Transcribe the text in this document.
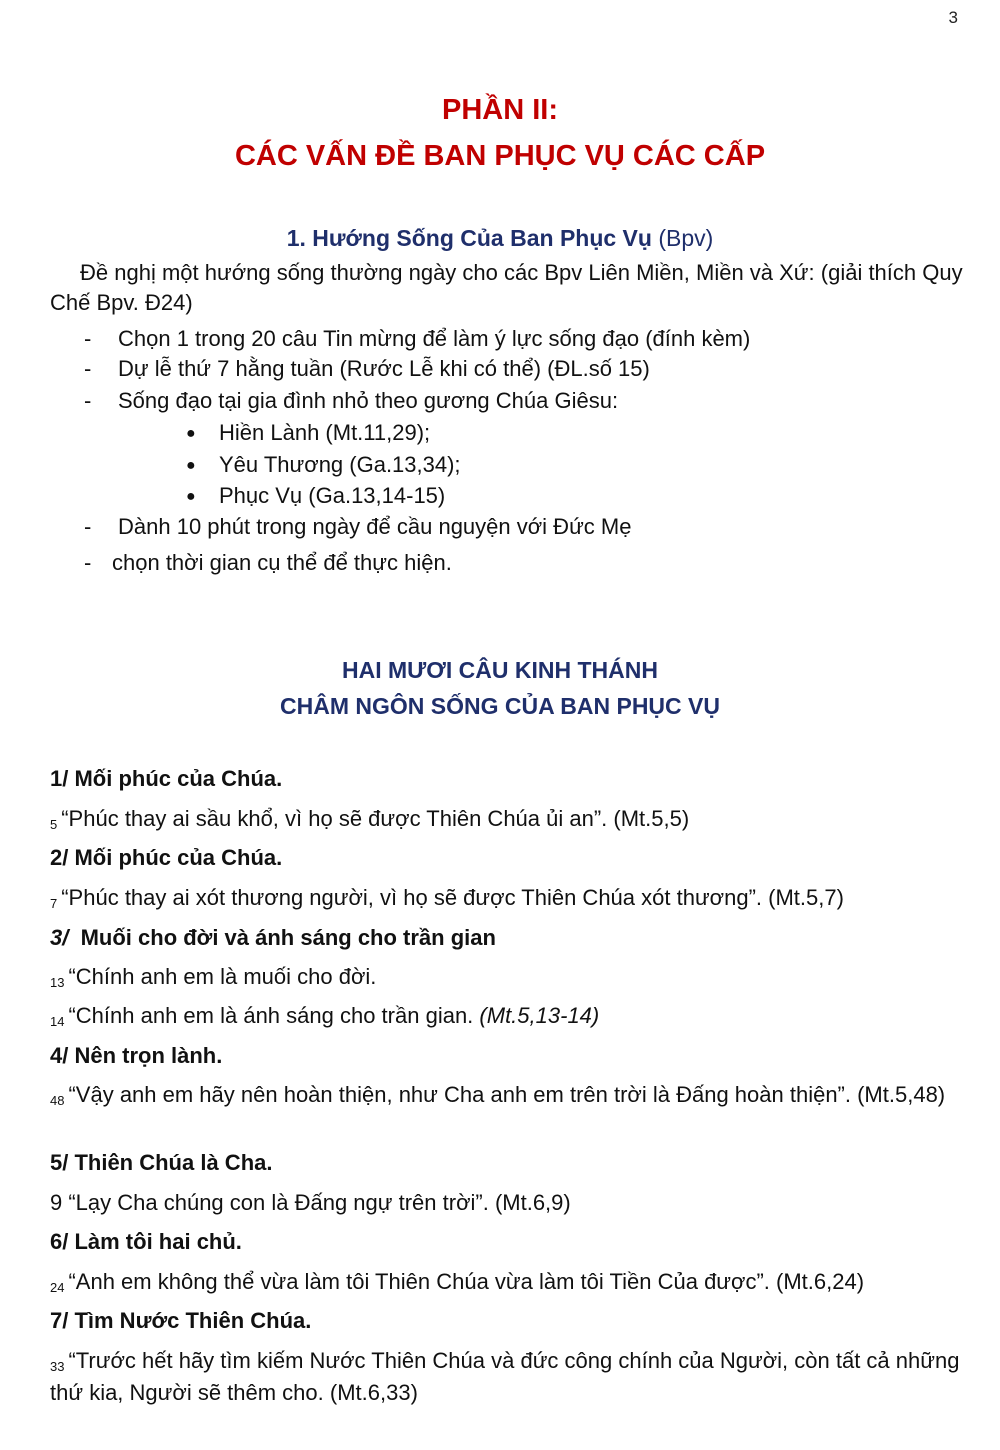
3
PHẦN II:
CÁC VẤN ĐỀ BAN PHỤC VỤ CÁC CẤP
1. Hướng Sống Của Ban Phục Vụ (Bpv)
Đề nghị một hướng sống thường ngày cho các Bpv Liên Miền, Miền và Xứ: (giải thích Quy Chế Bpv. Đ24)
- Chọn 1 trong 20 câu Tin mừng để làm ý lực sống đạo (đính kèm)
- Dự lễ thứ 7 hằng tuần (Rước Lễ khi có thể) (ĐL.số 15)
- Sống đạo tại gia đình nhỏ theo gương Chúa Giêsu:
● Hiền Lành (Mt.11,29);
● Yêu Thương (Ga.13,34);
● Phục Vụ (Ga.13,14-15)
- Dành 10 phút trong ngày để cầu nguyện với Đức Mẹ
- chọn thời gian cụ thể để thực hiện.
HAI MƯƠI CÂU KINH THÁNH
CHÂM NGÔN SỐNG CỦA BAN PHỤC VỤ
1/ Mối phúc của Chúa.
5 “Phúc thay ai sầu khổ, vì họ sẽ được Thiên Chúa ủi an”. (Mt.5,5)
2/ Mối phúc của Chúa.
7 “Phúc thay ai xót thương người, vì họ sẽ được Thiên Chúa xót thương”. (Mt.5,7)
3/ Muối cho đời và ánh sáng cho trần gian
13 “Chính anh em là muối cho đời.
14 “Chính anh em là ánh sáng cho trần gian. (Mt.5,13-14)
4/ Nên trọn lành.
48 “Vậy anh em hãy nên hoàn thiện, như Cha anh em trên trời là Đấng hoàn thiện”. (Mt.5,48)
5/ Thiên Chúa là Cha.
9 “Lạy Cha chúng con là Đấng ngự trên trời”. (Mt.6,9)
6/ Làm tôi hai chủ.
24 “Anh em không thể vừa làm tôi Thiên Chúa vừa làm tôi Tiền Của được”. (Mt.6,24)
7/ Tìm Nước Thiên Chúa.
33 “Trước hết hãy tìm kiếm Nước Thiên Chúa và đức công chính của Người, còn tất cả những thứ kia, Người sẽ thêm cho. (Mt.6,33)
